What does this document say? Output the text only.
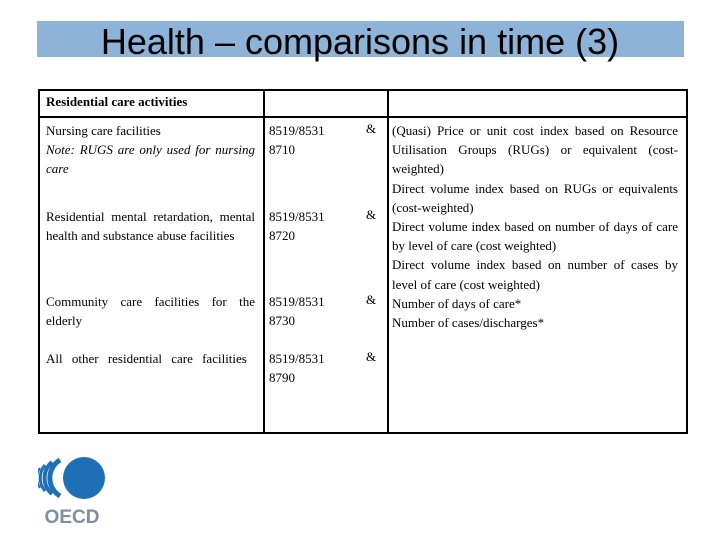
Health – comparisons in time (3)
Residential care activities
Nursing care facilities
Note: RUGS are only used for nursing care
8519/8531
8710
&
Residential mental retardation, mental health and substance abuse facilities
8519/8531
8720
&
Community care facilities for the elderly
8519/8531
8730
&
All other residential care facilities	8519/8531
8790
&
(Quasi) Price or unit cost index based on Resource Utilisation Groups (RUGs) or equivalent (cost-weighted)
Direct volume index based on RUGs or equivalents (cost-weighted)
Direct volume index based on number of days of care by level of care (cost weighted)
Direct volume index based on number of cases by level of care (cost weighted)
Number of days of care*
Number of cases/discharges*
OECD
